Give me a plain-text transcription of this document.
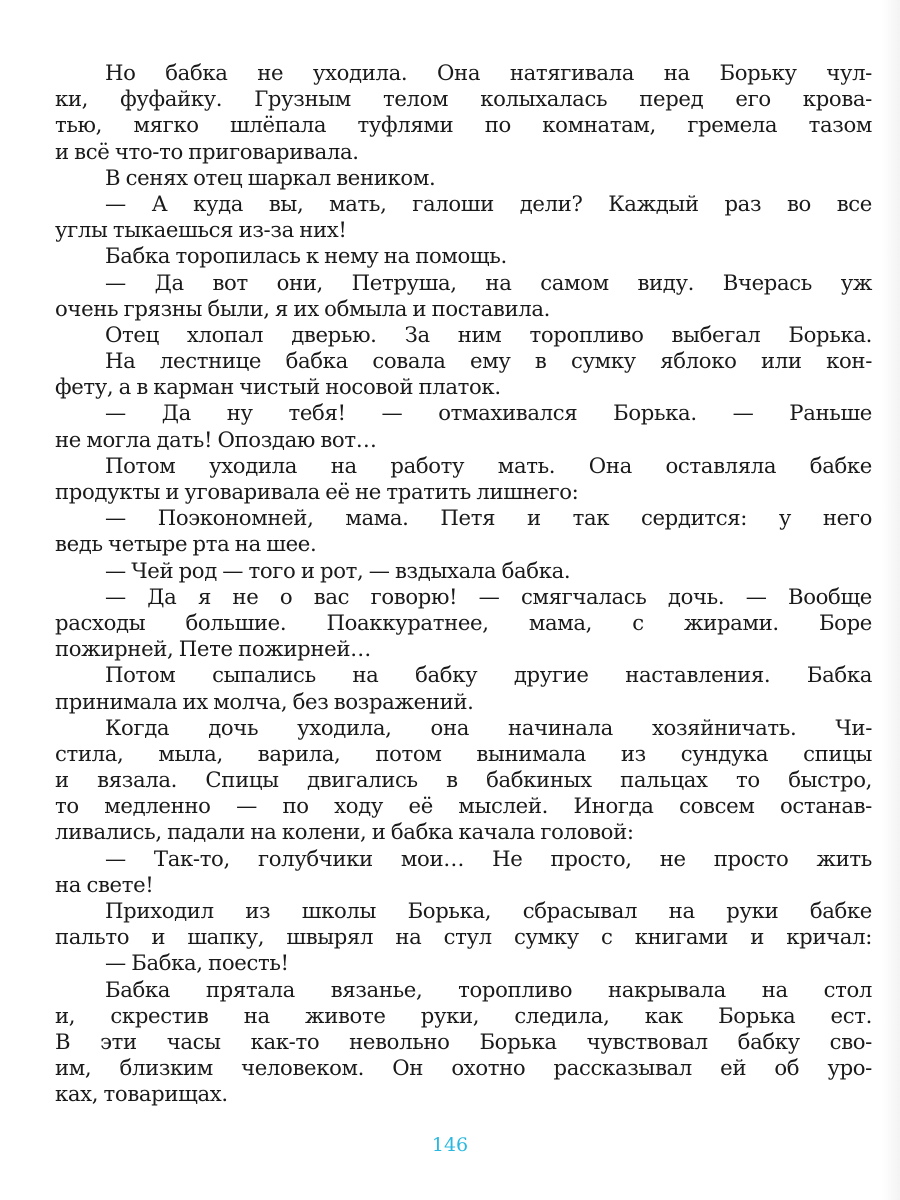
Но бабка не уходила. Она натягивала на Борьку чул-
ки, фуфайку. Грузным телом колыхалась перед его крова-
тью, мягко шлёпала туфлями по комнатам, гремела тазом
и всё что-то приговаривала.
В сенях отец шаркал веником.
— А куда вы, мать, галоши дели? Каждый раз во все
углы тыкаешься из-за них!
Бабка торопилась к нему на помощь.
— Да вот они, Петруша, на самом виду. Вчерась уж
очень грязны были, я их обмыла и поставила.
Отец хлопал дверью. За ним торопливо выбегал Борька.
На лестнице бабка совала ему в сумку яблоко или кон-
фету, а в карман чистый носовой платок.
— Да ну тебя! — отмахивался Борька. — Раньше
не могла дать! Опоздаю вот…
Потом уходила на работу мать. Она оставляла бабке
продукты и уговаривала её не тратить лишнего:
— Поэкономней, мама. Петя и так сердится: у него
ведь четыре рта на шее.
— Чей род — того и рот, — вздыхала бабка.
— Да я не о вас говорю! — смягчалась дочь. — Вообще
расходы большие. Поаккуратнее, мама, с жирами. Боре
пожирней, Пете пожирней…
Потом сыпались на бабку другие наставления. Бабка
принимала их молча, без возражений.
Когда дочь уходила, она начинала хозяйничать. Чи-
стила, мыла, варила, потом вынимала из сундука спицы
и вязала. Спицы двигались в бабкиных пальцах то быстро,
то медленно — по ходу её мыслей. Иногда совсем останав-
ливались, падали на колени, и бабка качала головой:
— Так-то, голубчики мои… Не просто, не просто жить
на свете!
Приходил из школы Борька, сбрасывал на руки бабке
пальто и шапку, швырял на стул сумку с книгами и кричал:
— Бабка, поесть!
Бабка прятала вязанье, торопливо накрывала на стол
и, скрестив на животе руки, следила, как Борька ест.
В эти часы как-то невольно Борька чувствовал бабку сво-
им, близким человеком. Он охотно рассказывал ей об уро-
ках, товарищах.
146
